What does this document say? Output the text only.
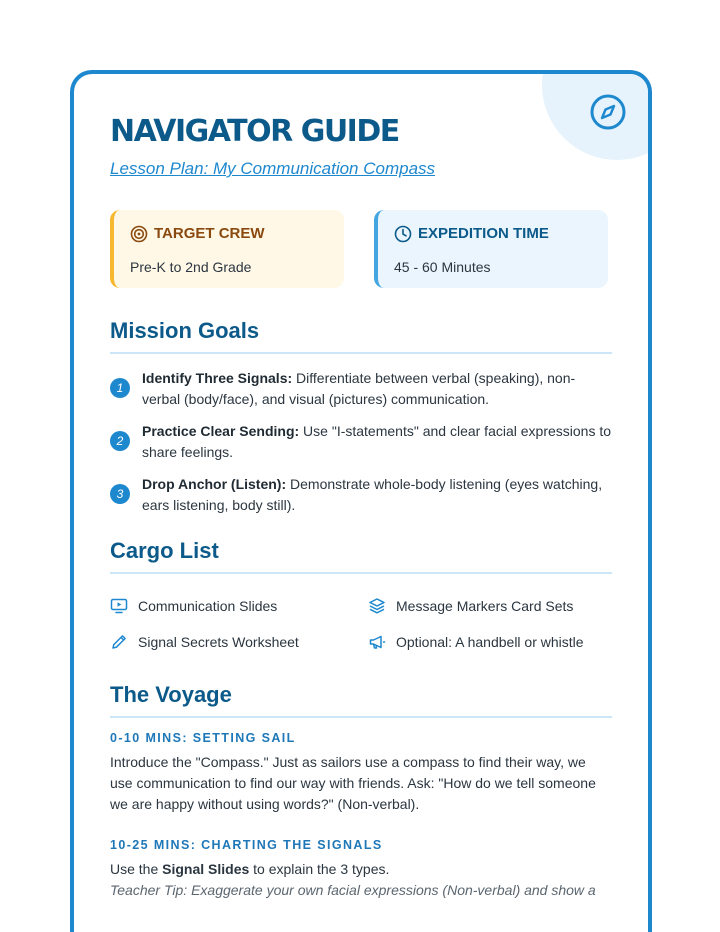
NAVIGATOR GUIDE
Lesson Plan: My Communication Compass
TARGET CREW
Pre-K to 2nd Grade
EXPEDITION TIME
45 - 60 Minutes
Mission Goals
1
Identify Three Signals: Differentiate between verbal (speaking), non-verbal (body/face), and visual (pictures) communication.
2
Practice Clear Sending: Use "I-statements" and clear facial expressions to share feelings.
3
Drop Anchor (Listen): Demonstrate whole-body listening (eyes watching, ears listening, body still).
Cargo List
Communication Slides	Message Markers Card Sets
Signal Secrets Worksheet	Optional: A handbell or whistle
The Voyage
0-10 MINS: SETTING SAIL
Introduce the "Compass." Just as sailors use a compass to find their way, we use communication to find our way with friends. Ask: "How do we tell someone we are happy without using words?" (Non-verbal).
10-25 MINS: CHARTING THE SIGNALS
Use the Signal Slides to explain the 3 types.
Teacher Tip: Exaggerate your own facial expressions (Non-verbal) and show a
